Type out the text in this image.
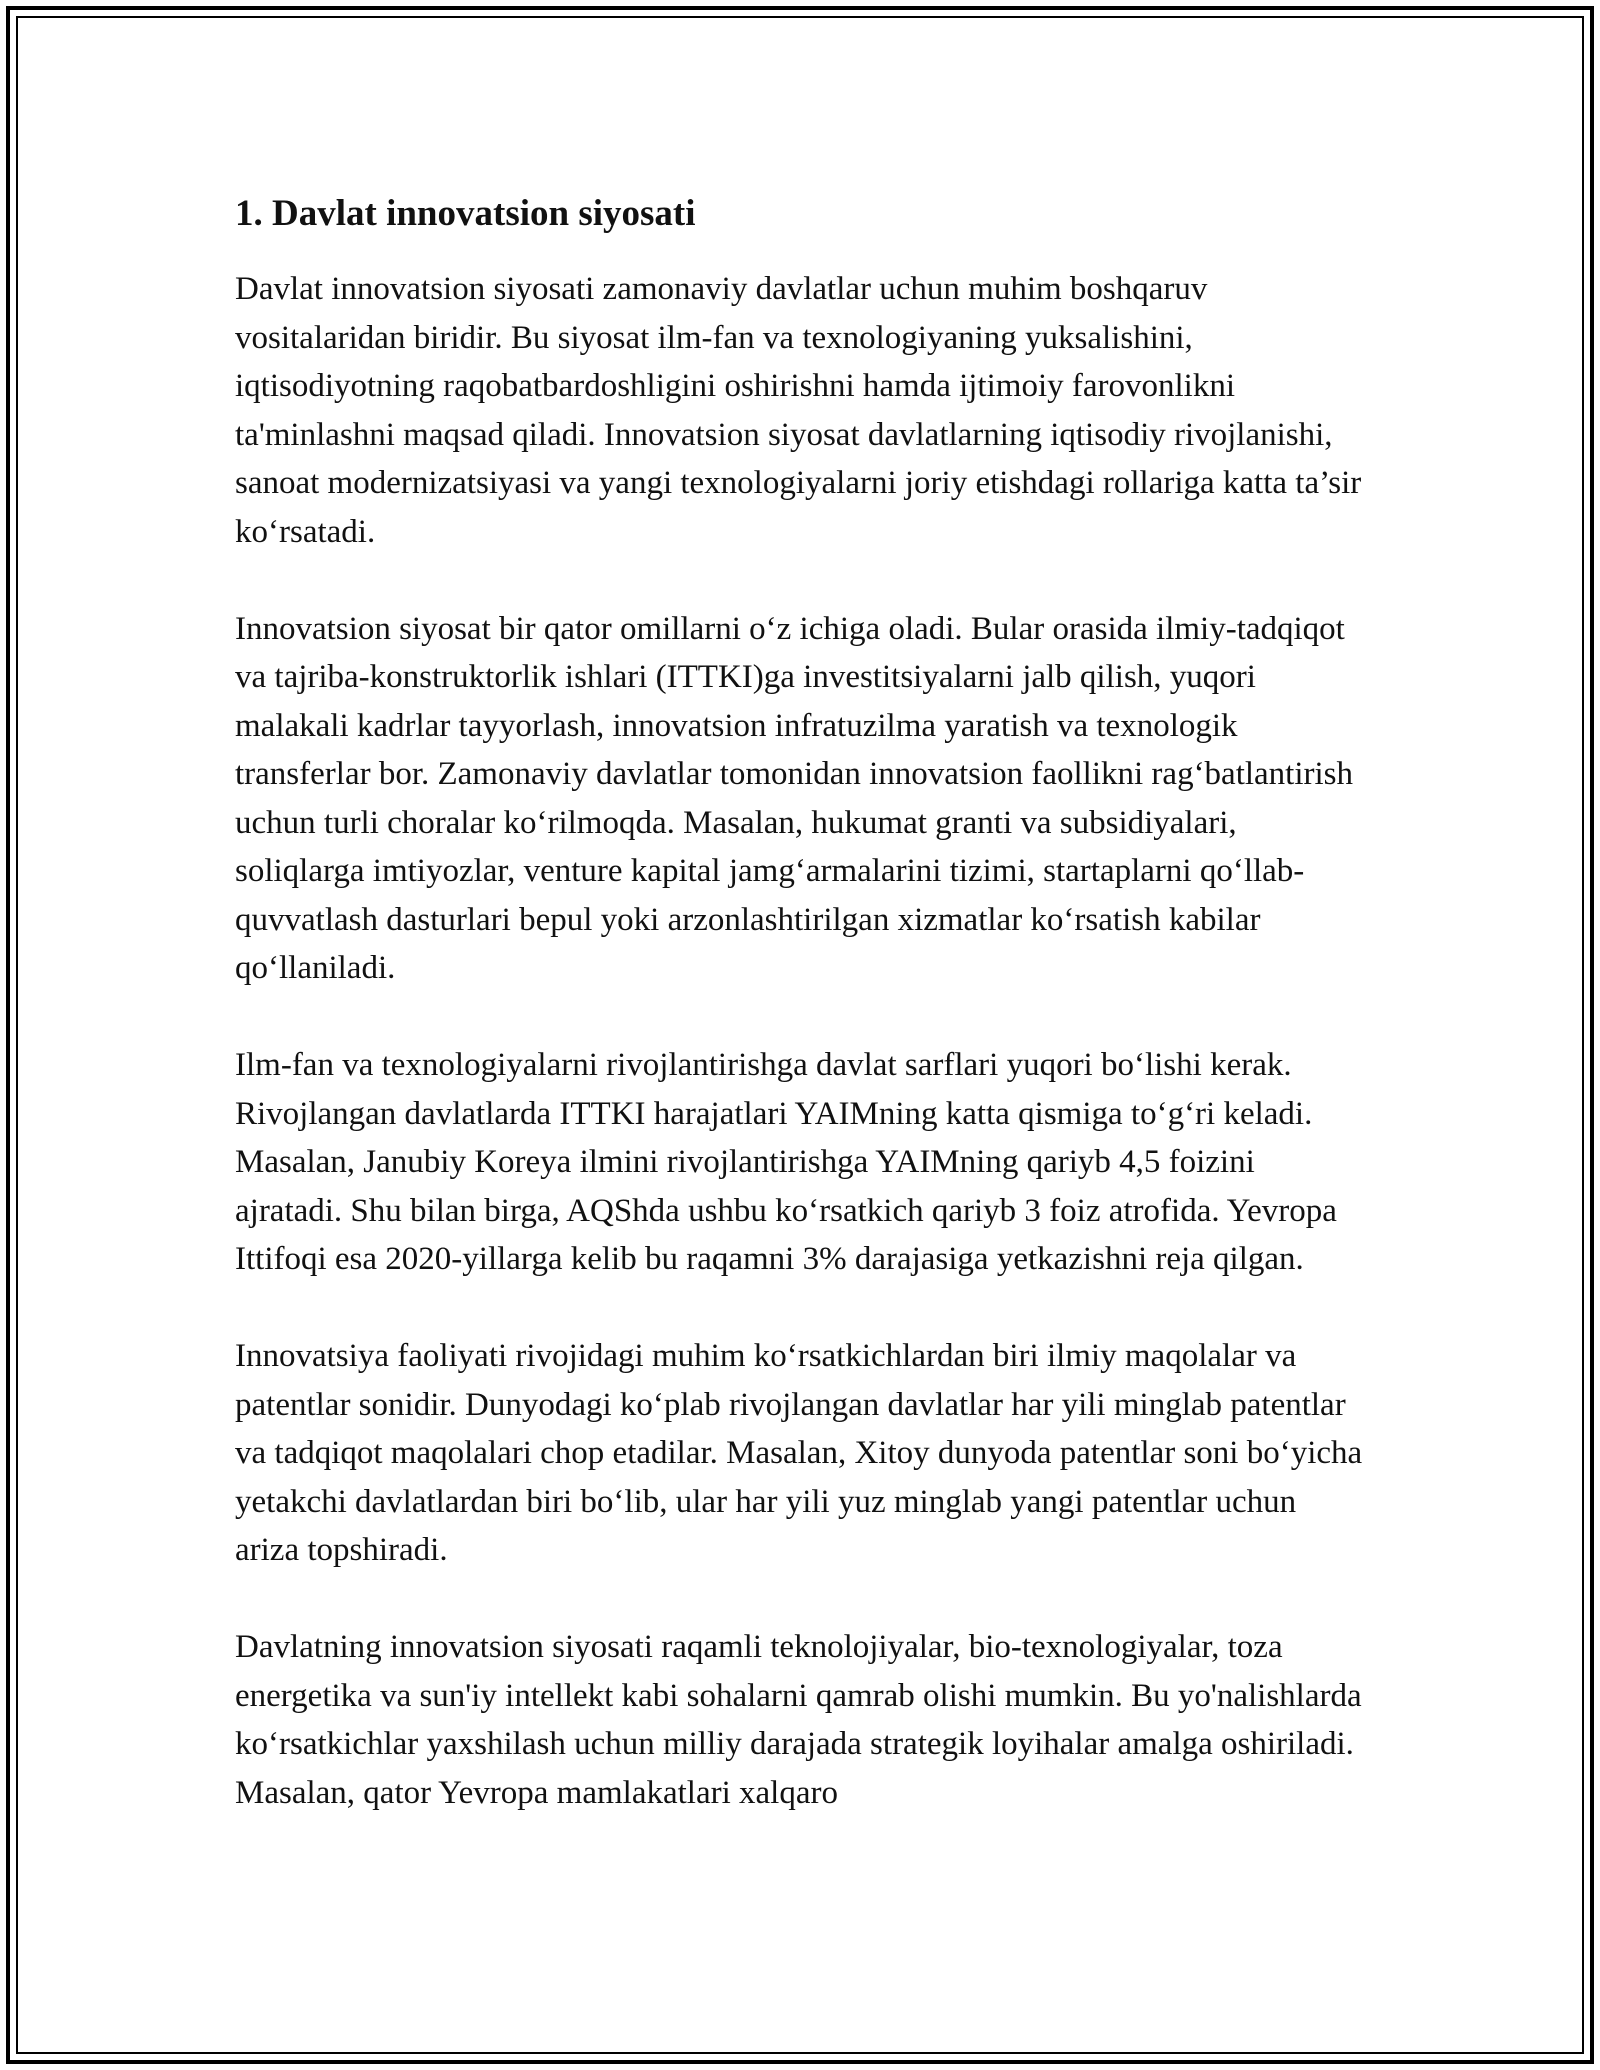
1. Davlat innovatsion siyosati

Davlat innovatsion siyosati zamonaviy davlatlar uchun muhim boshqaruv vositalaridan biridir. Bu siyosat ilm-fan va texnologiyaning yuksalishini, iqtisodiyotning raqobatbardoshligini oshirishni hamda ijtimoiy farovonlikni ta'minlashni maqsad qiladi. Innovatsion siyosat davlatlarning iqtisodiy rivojlanishi, sanoat modernizatsiyasi va yangi texnologiyalarni joriy etishdagi rollariga katta ta’sir ko‘rsatadi.

Innovatsion siyosat bir qator omillarni o‘z ichiga oladi. Bular orasida ilmiy-tadqiqot va tajriba-konstruktorlik ishlari (ITTKI)ga investitsiyalarni jalb qilish, yuqori malakali kadrlar tayyorlash, innovatsion infratuzilma yaratish va texnologik transferlar bor. Zamonaviy davlatlar tomonidan innovatsion faollikni rag‘batlantirish uchun turli choralar ko‘rilmoqda. Masalan, hukumat granti va subsidiyalari, soliqlarga imtiyozlar, venture kapital jamg‘armalarini tizimi, startaplarni qo‘llab-quvvatlash dasturlari bepul yoki arzonlashtirilgan xizmatlar ko‘rsatish kabilar qo‘llaniladi.

Ilm-fan va texnologiyalarni rivojlantirishga davlat sarflari yuqori bo‘lishi kerak. Rivojlangan davlatlarda ITTKI harajatlari YAIMning katta qismiga to‘g‘ri keladi. Masalan, Janubiy Koreya ilmini rivojlantirishga YAIMning qariyb 4,5 foizini ajratadi. Shu bilan birga, AQShda ushbu ko‘rsatkich qariyb 3 foiz atrofida. Yevropa Ittifoqi esa 2020-yillarga kelib bu raqamni 3% darajasiga yetkazishni reja qilgan.

Innovatsiya faoliyati rivojidagi muhim ko‘rsatkichlardan biri ilmiy maqolalar va patentlar sonidir. Dunyodagi ko‘plab rivojlangan davlatlar har yili minglab patentlar va tadqiqot maqolalari chop etadilar. Masalan, Xitoy dunyoda patentlar soni bo‘yicha yetakchi davlatlardan biri bo‘lib, ular har yili yuz minglab yangi patentlar uchun ariza topshiradi.

Davlatning innovatsion siyosati raqamli teknolojiyalar, bio-texnologiyalar, toza energetika va sun'iy intellekt kabi sohalarni qamrab olishi mumkin. Bu yo'nalishlarda ko‘rsatkichlar yaxshilash uchun milliy darajada strategik loyihalar amalga oshiriladi. Masalan, qator Yevropa mamlakatlari xalqaro
